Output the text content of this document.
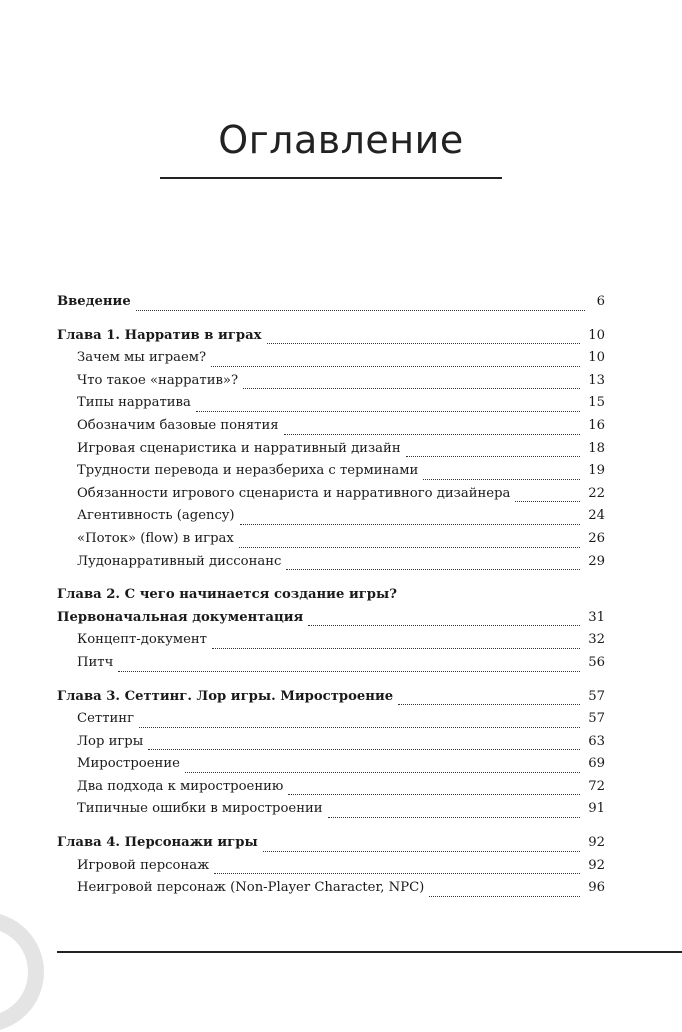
Оглавление
Введение	6
Глава 1. Нарратив в играх	10
Зачем мы играем?	10
Что такое «нарратив»?	13
Типы нарратива	15
Обозначим базовые понятия	16
Игровая сценаристика и нарративный дизайн	18
Трудности перевода и неразбериха с терминами	19
Обязанности игрового сценариста и нарративного дизайнера	22
Агентивность (agency)	24
«Поток» (flow) в играх	26
Лудонарративный диссонанс	29
Глава 2. С чего начинается создание игры?
Первоначальная документация	31
Концепт-документ	32
Питч	56
Глава 3. Сеттинг. Лор игры. Миростроение	57
Сеттинг	57
Лор игры	63
Миростроение	69
Два подхода к миростроению	72
Типичные ошибки в миростроении	91
Глава 4. Персонажи игры	92
Игровой персонаж	92
Неигровой персонаж (Non-Player Character, NPC)	96
